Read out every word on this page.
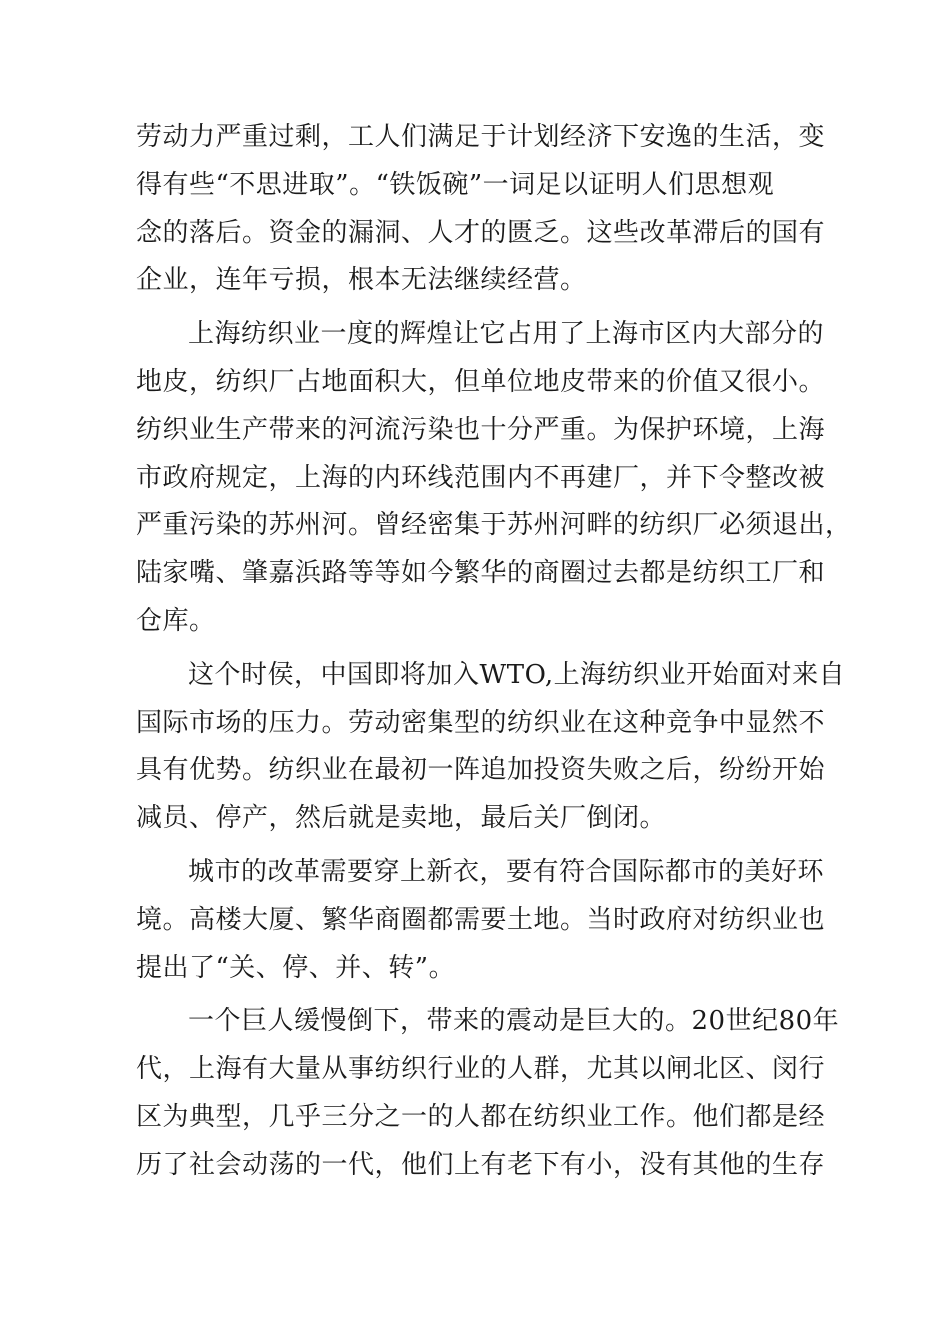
劳动力严重过剩，工人们满足于计划经济下安逸的生活，变
得有些“不思进取”。“铁饭碗”一词足以证明人们思想观
念的落后。资金的漏洞、人才的匮乏。这些改革滞后的国有
企业，连年亏损，根本无法继续经营。
上海纺织业一度的辉煌让它占用了上海市区内大部分的
地皮，纺织厂占地面积大，但单位地皮带来的价值又很小。
纺织业生产带来的河流污染也十分严重。为保护环境，上海
市政府规定，上海的内环线范围内不再建厂，并下令整改被
严重污染的苏州河。曾经密集于苏州河畔的纺织厂必须退出，
陆家嘴、肇嘉浜路等等如今繁华的商圈过去都是纺织工厂和
仓库。
这个时侯，中国即将加入WTO,上海纺织业开始面对来自
国际市场的压力。劳动密集型的纺织业在这种竞争中显然不
具有优势。纺织业在最初一阵追加投资失败之后，纷纷开始
减员、停产，然后就是卖地，最后关厂倒闭。
城市的改革需要穿上新衣，要有符合国际都市的美好环
境。高楼大厦、繁华商圈都需要土地。当时政府对纺织业也
提出了“关、停、并、转”。
一个巨人缓慢倒下，带来的震动是巨大的。20世纪80年
代，上海有大量从事纺织行业的人群，尤其以闸北区、闵行
区为典型，几乎三分之一的人都在纺织业工作。他们都是经
历了社会动荡的一代，他们上有老下有小，没有其他的生存
